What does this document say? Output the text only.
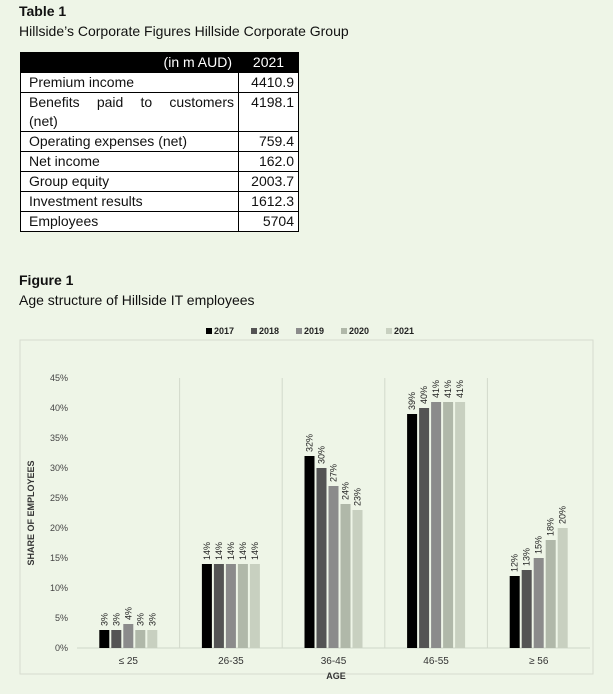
Table 1
Hillside’s Corporate Figures Hillside Corporate Group
(in m AUD)	2021
Premium income	4410.9

Benefits paid to customers
(net)	4198.1
Operating expenses (net)	759.4
Net income	162.0
Group equity	2003.7
Investment results	1612.3
Employees	5704
Figure 1
Age structure of Hillside IT employees
2017	2018	2019	2020	2021
0%
5%
10%
15%
20%
25%
30%
35%
40%
45%
SHARE OF EMPLOYEES
3% 3% 4% 3% 3%
≤ 25
14% 14% 14% 14% 14%
26-35
32%
30%
27%
24% 23%
36-45
39% 40% 41% 41% 41%
46-55
12% 13%
15%
18%
20%
≥ 56
AGE
